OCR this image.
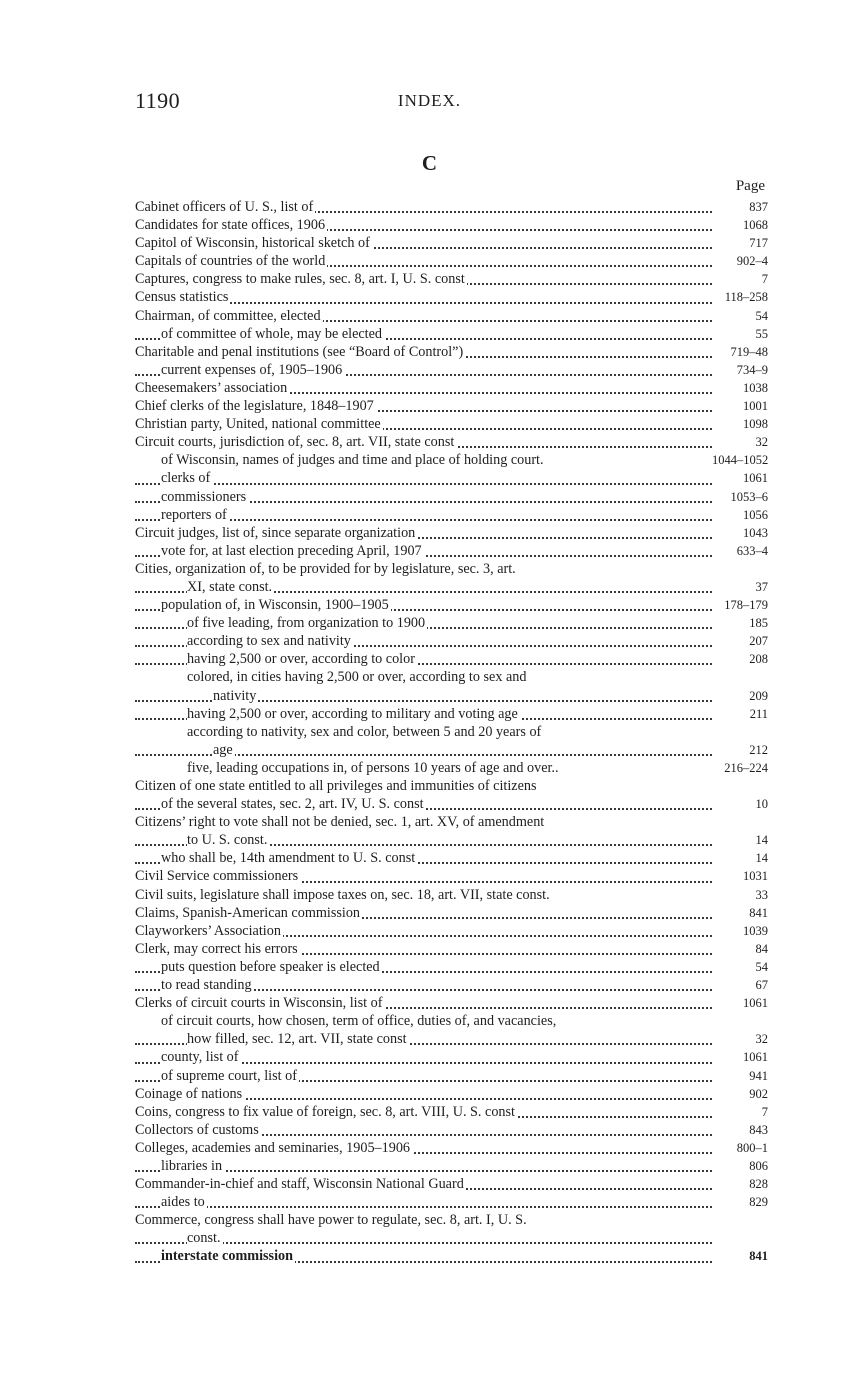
1190	INDEX.
C
Page
Cabinet officers of U. S., list of	837
Candidates for state offices, 1906	1068
Capitol of Wisconsin, historical sketch of	717
Capitals of countries of the world	902–4
Captures, congress to make rules, sec. 8, art. I, U. S. const	7
Census statistics	118–258
Chairman, of committee, elected	54
of committee of whole, may be elected	55
Charitable and penal institutions (see “Board of Control”)	719–48
current expenses of, 1905–1906	734–9
Cheesemakers’ association	1038
Chief clerks of the legislature, 1848–1907	1001
Christian party, United, national committee	1098
Circuit courts, jurisdiction of, sec. 8, art. VII, state const	32
of Wisconsin, names of judges and time and place of holding court.	1044–1052
clerks of	1061
commissioners	1053–6
reporters of	1056
Circuit judges, list of, since separate organization	1043
vote for, at last election preceding April, 1907	633–4
Cities, organization of, to be provided for by legislature, sec. 3, art.
XI, state const.	37
population of, in Wisconsin, 1900–1905	178–179
of five leading, from organization to 1900	185
according to sex and nativity	207
having 2,500 or over, according to color	208
colored, in cities having 2,500 or over, according to sex and
nativity	209
having 2,500 or over, according to military and voting age	211
according to nativity, sex and color, between 5 and 20 years of
age	212
five, leading occupations in, of persons 10 years of age and over..	216–224
Citizen of one state entitled to all privileges and immunities of citizens
of the several states, sec. 2, art. IV, U. S. const	10
Citizens’ right to vote shall not be denied, sec. 1, art. XV, of amendment
to U. S. const.	14
who shall be, 14th amendment to U. S. const	14
Civil Service commissioners	1031
Civil suits, legislature shall impose taxes on, sec. 18, art. VII, state const.	33
Claims, Spanish-American commission	841
Clayworkers’ Association	1039
Clerk, may correct his errors	84
puts question before speaker is elected	54
to read standing	67
Clerks of circuit courts in Wisconsin, list of	1061
of circuit courts, how chosen, term of office, duties of, and vacancies,
how filled, sec. 12, art. VII, state const	32
county, list of	1061
of supreme court, list of	941
Coinage of nations	902
Coins, congress to fix value of foreign, sec. 8, art. VIII, U. S. const	7
Collectors of customs	843
Colleges, academies and seminaries, 1905–1906	800–1
libraries in	806
Commander-in-chief and staff, Wisconsin National Guard	828
aides to	829
Commerce, congress shall have power to regulate, sec. 8, art. I, U. S.
const.
interstate commission	841
